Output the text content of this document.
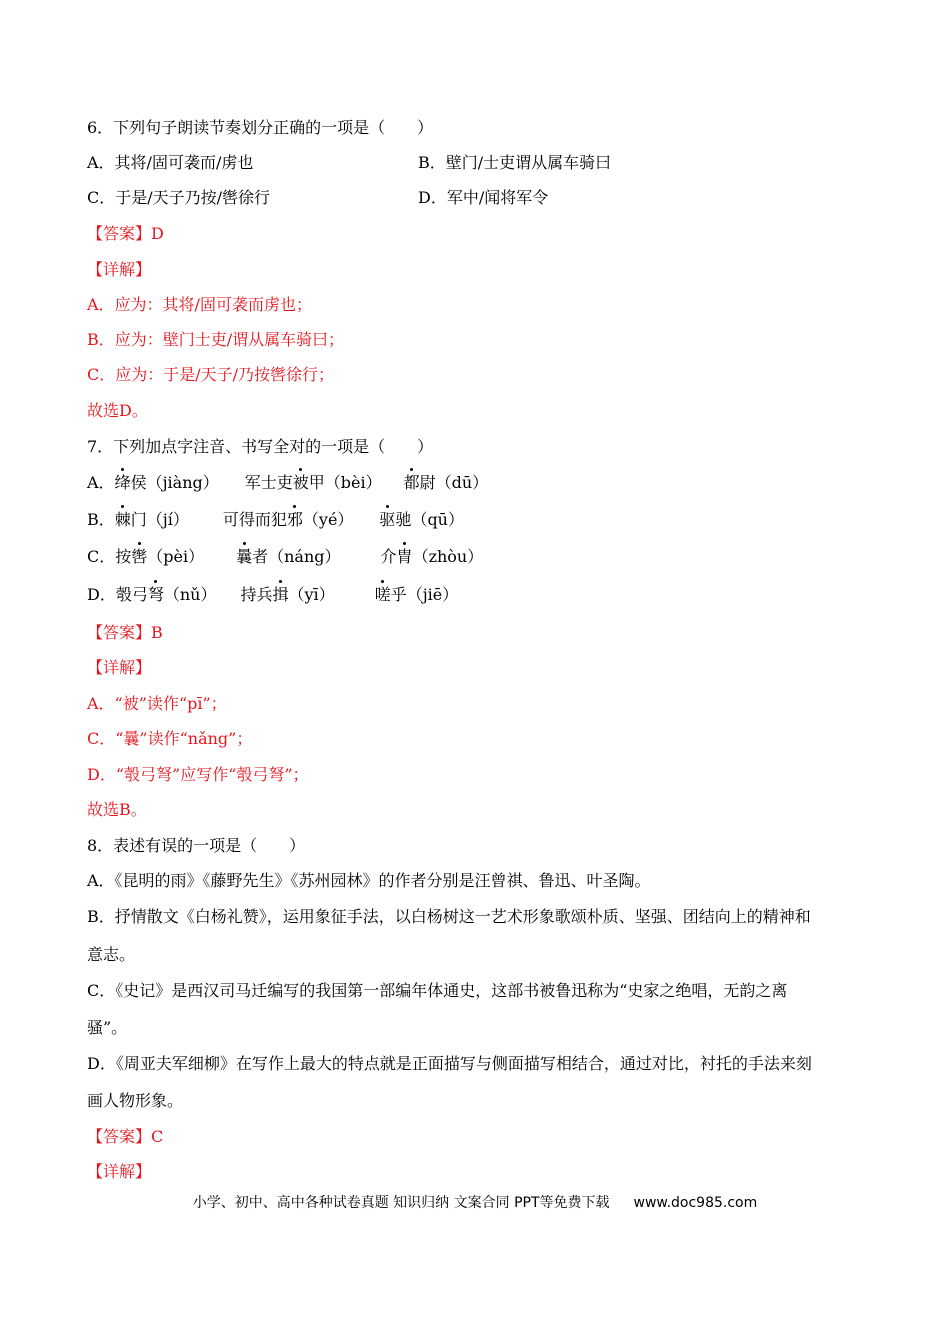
6．下列句子朗读节奏划分正确的一项是（　　）
A．其将/固可袭而/虏也	B．壁门/士吏谓从属车骑曰
C．于是/天子乃按/辔徐行	D．军中/闻将军令
【答案】D
【详解】
A．应为：其将/固可袭而虏也；
B．应为：壁门士吏/谓从属车骑曰；
C．应为：于是/天子/乃按辔徐行；
故选D。
7．下列加点字注音、书写全对的一项是（　　）
A．绛侯（jiàng） 军士吏被甲（bèi） 都尉（dū）
B．棘门（jí） 可得而犯邪（yé） 驱驰（qū）
C．按辔（pèi） 曩者（náng）	介胄（zhòu）
D．彀弓弩（nǔ） 持兵揖（yī）	嗟乎（jiē）
【答案】B
【详解】
A．“被”读作“pī”；
C．“曩”读作“nǎng”；
D．“彀弓弩”应写作“彀弓弩”；
故选B。
8．表述有误的一项是（　　）
A．《昆明的雨》《藤野先生》《苏州园林》的作者分别是汪曾祺、鲁迅、叶圣陶。
B．抒情散文《白杨礼赞》，运用象征手法，以白杨树这一艺术形象歌颂朴质、坚强、团结向上的精神和
意志。
C．《史记》是西汉司马迁编写的我国第一部编年体通史，这部书被鲁迅称为“史家之绝唱，无韵之离
骚”。
D．《周亚夫军细柳》在写作上最大的特点就是正面描写与侧面描写相结合，通过对比，衬托的手法来刻
画人物形象。
【答案】C
【详解】
小学、初中、高中各种试卷真题 知识归纳 文案合同 PPT等免费下载 www.doc985.com
